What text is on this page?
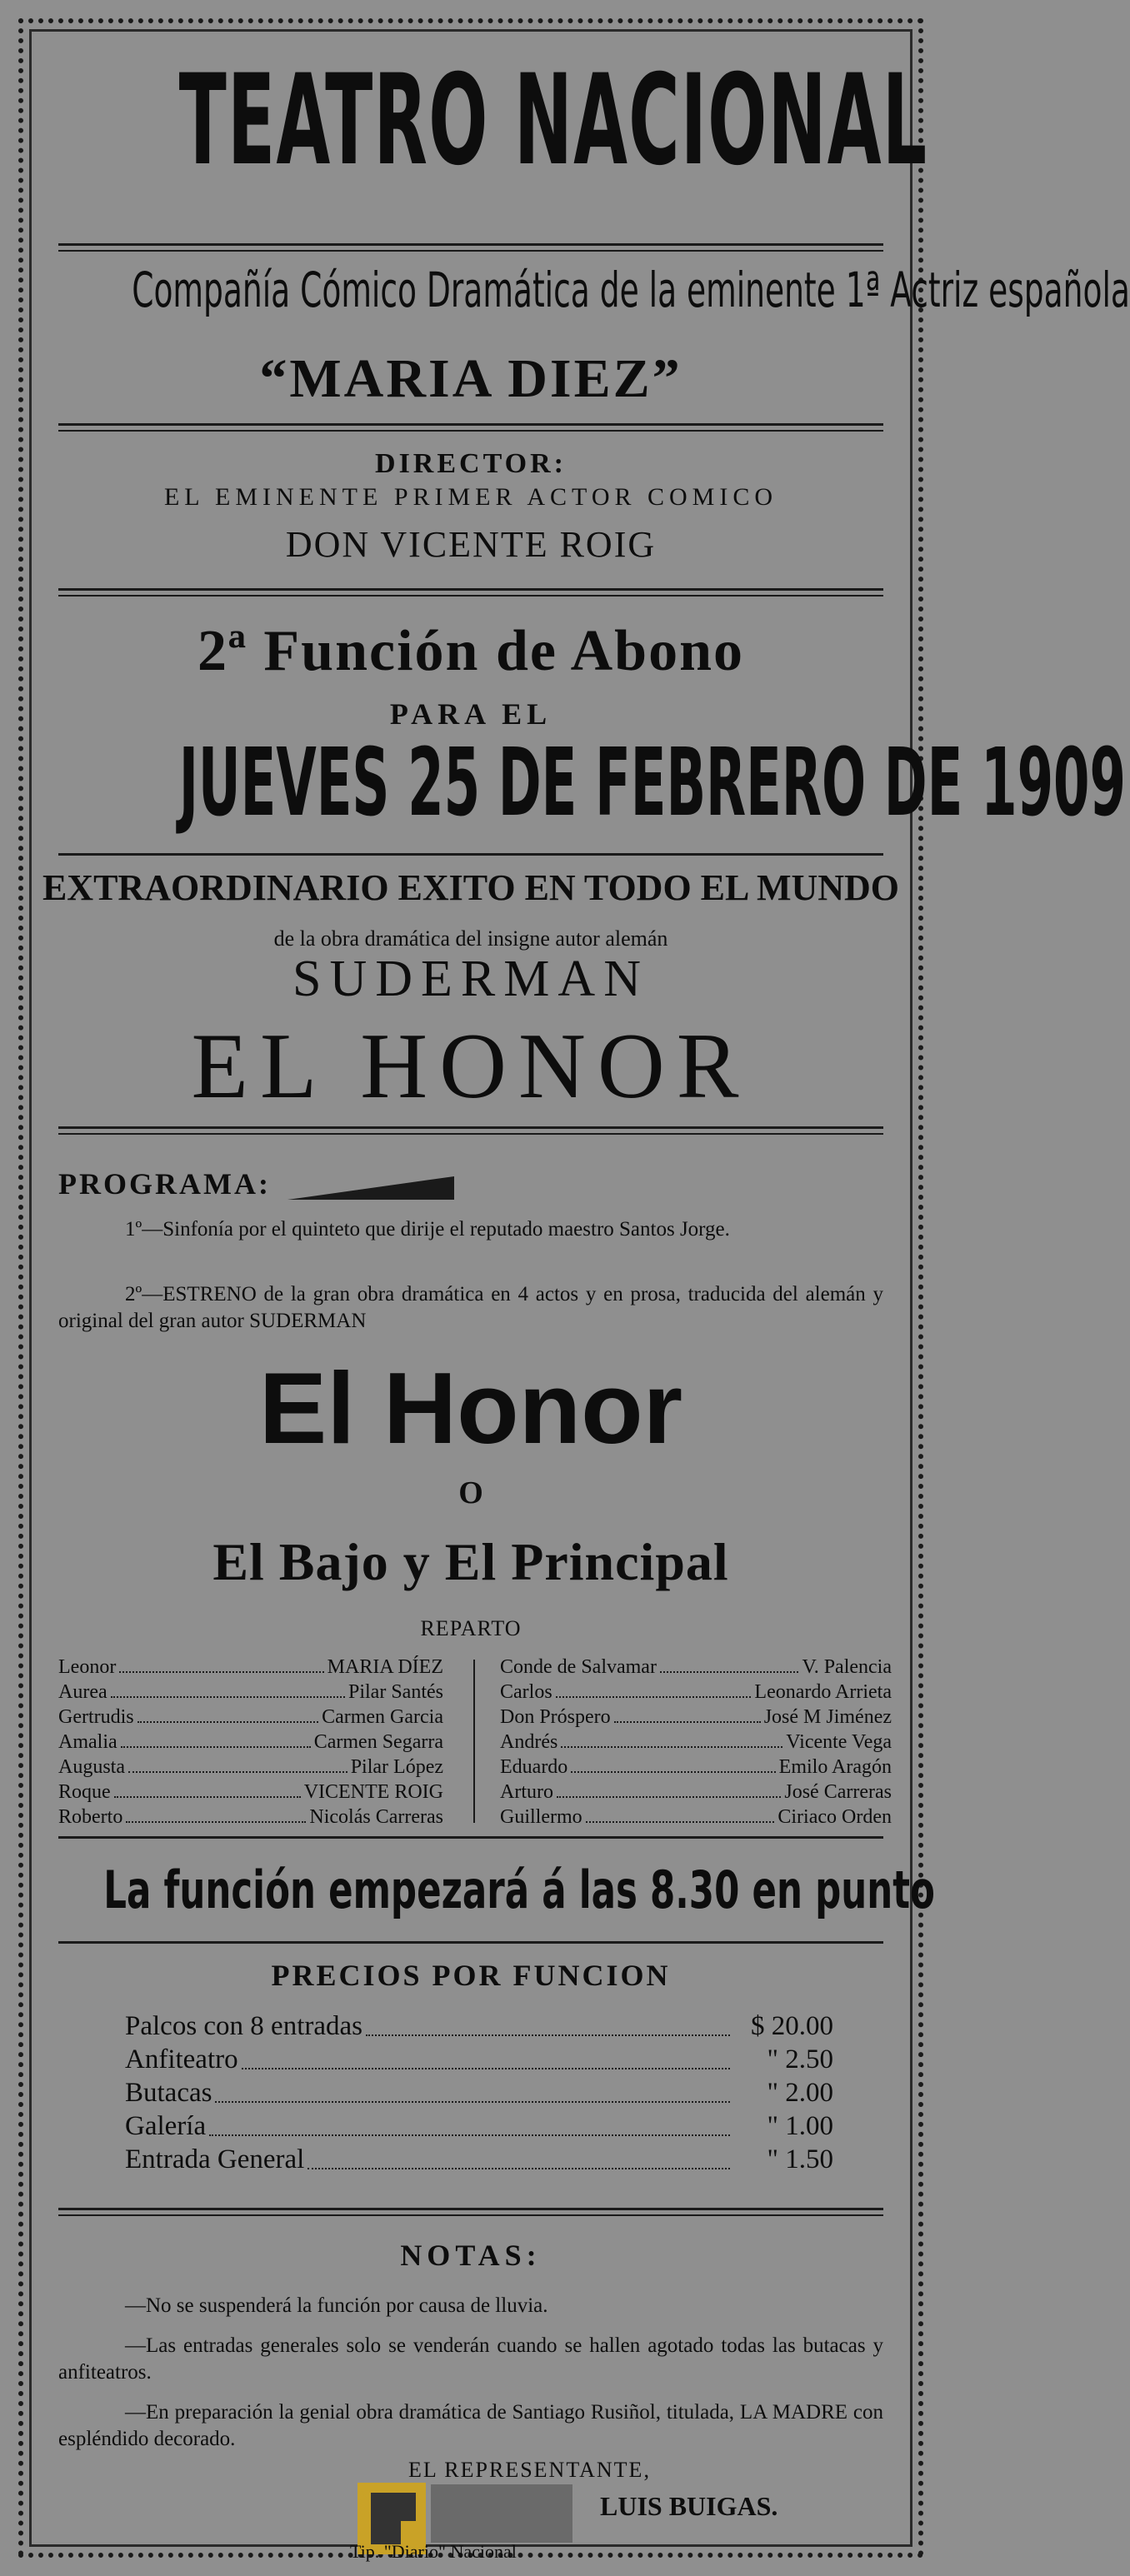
TEATRO NACIONAL
Compañía Cómico Dramática de la eminente 1ª Actriz española
“MARIA DIEZ”
DIRECTOR:
EL EMINENTE PRIMER ACTOR COMICO
DON VICENTE ROIG
2ª Función de Abono
PARA EL
JUEVES 25 DE FEBRERO DE 1909
EXTRAORDINARIO EXITO EN TODO EL MUNDO
de la obra dramática del insigne autor alemán
SUDERMAN
EL HONOR
PROGRAMA:
1º—Sinfonía por el quinteto que dirije el reputado maestro Santos Jorge.
2º—ESTRENO de la gran obra dramática en 4 actos y en prosa, traducida del alemán y original del gran autor SUDERMAN
El Honor
O
El Bajo y El Principal
REPARTO
Leonor	MARIA DÍEZ
Aurea	Pilar Santés
Gertrudis	Carmen Garcia
Amalia	Carmen Segarra
Augusta	Pilar López
Roque	VICENTE ROIG
Roberto	Nicolás Carreras
Conde de Salvamar	V. Palencia
Carlos	Leonardo Arrieta
Don Próspero	José M Jiménez
Andrés	Vicente Vega
Eduardo	Emilo Aragón
Arturo	José Carreras
Guillermo	Ciriaco Orden
La función empezará á las 8.30 en punto
PRECIOS POR FUNCION
Palcos con 8 entradas	$ 20.00
Anfiteatro	" 2.50
Butacas	" 2.00
Galería	" 1.00
Entrada General	" 1.50
NOTAS:
—No se suspenderá la función por causa de lluvia.
—Las entradas generales solo se venderán cuando se hallen agotado todas las butacas y anfiteatros.
—En preparación la genial obra dramática de Santiago Rusiñol, titulada, LA MADRE con espléndido decorado.
EL REPRESENTANTE,
LUIS BUIGAS.
Tip. "Diario" Nacional
